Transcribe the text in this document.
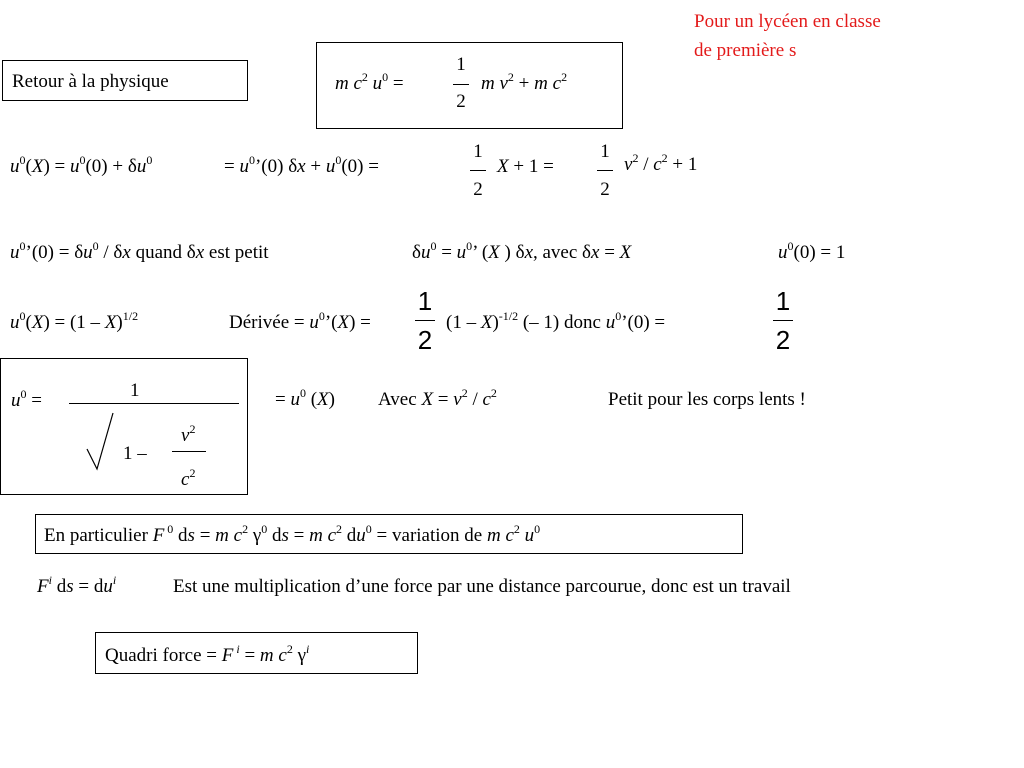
Pour un lycéen en classe
de première s
Retour à la physique	m $c^2$ $u^0$ =
1
2
m $v^2 + m$ $c^2$
$u^0(X) = u^0(0) + \delta u^0$	= $u^0’(0) \delta x + u^0(0)$ =
1
2
X + 1 =
1
2
$v^2 / c^2 + 1$
$u^0’(0) = \delta u^0 / \delta x$ quand δx est petit	$\delta u^0 = u^0$’ (X ) δx, avec δx = X	$u^0(0) = 1$
$u^0(X) = (1 - X)^{1/2}$	Dérivée = $u^0’(X)$ =
1
2
(1 – X)$^{-1/2}$ (– 1) donc $u^0’(0)$ =
1
2
$u^0$ =	1
1 –
$v^2$
$c^2$
= $u^0$ (X) Avec $X = v^2 / c^2$	Petit pour les corps lents !
En particulier F $^0$ ds = m $c^2$ $\gamma^0$ ds = m $c^2$ $du^0$ = variation de m $c^2$ $u^0$
$F^i$ ds = $du^i$	Est une multiplication d’une force par une distance parcourue, donc est un travail
Quadri force = F $^i$ = m $c^2$ $\gamma^i$
